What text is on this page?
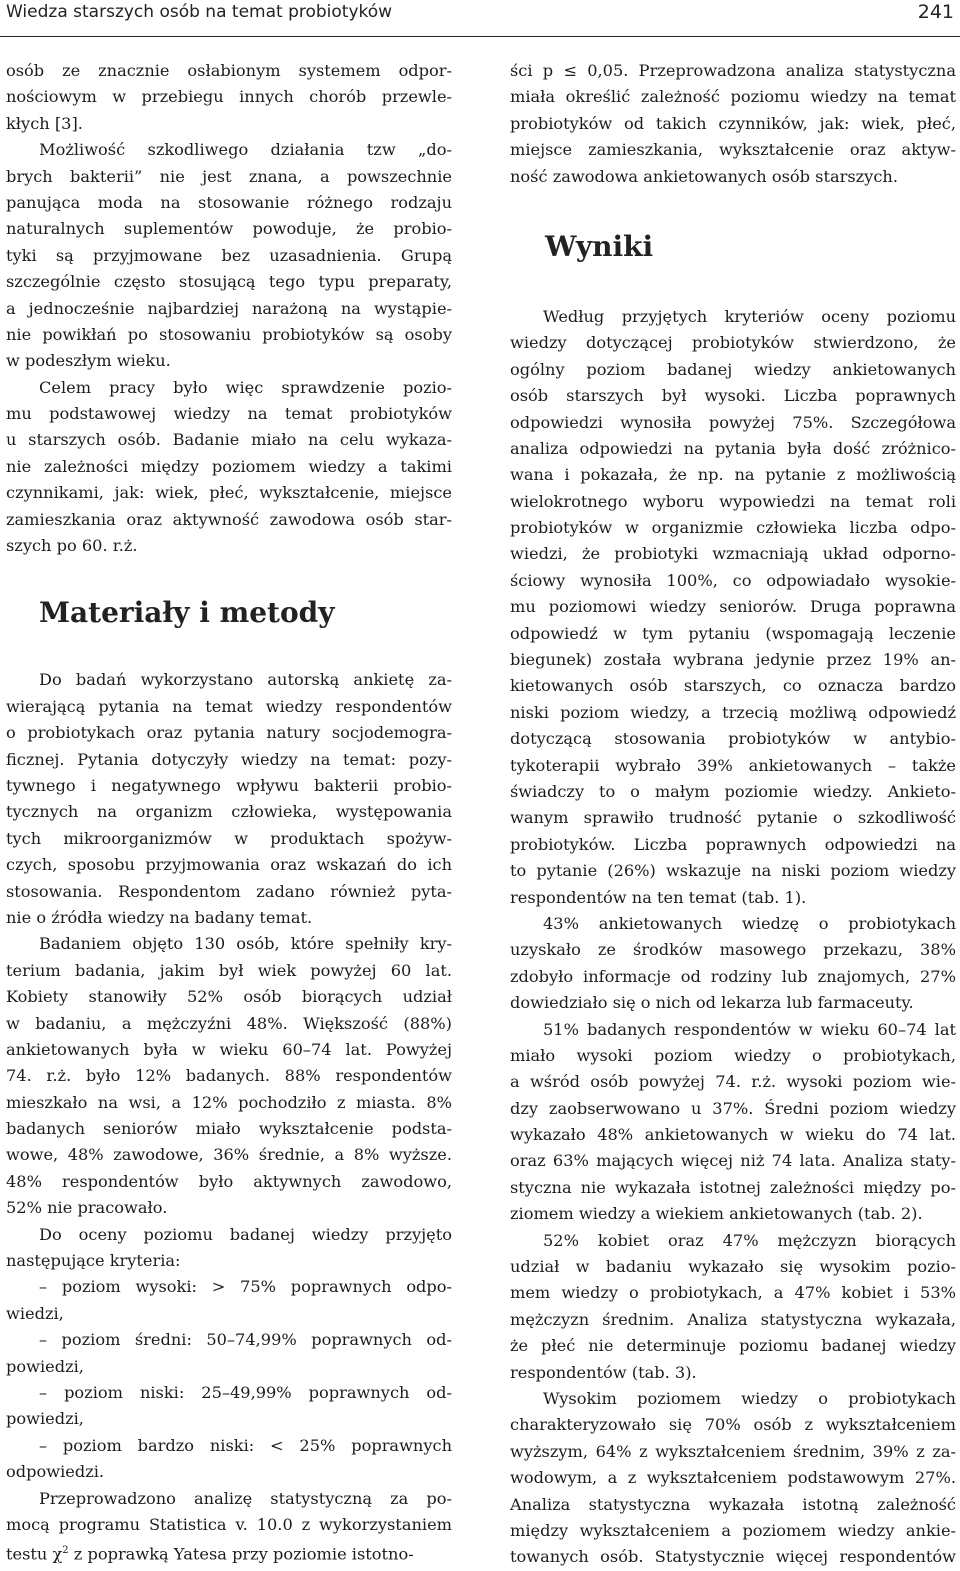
Wiedza starszych osób na temat probiotyków	241
osób ze znacznie osłabionym systemem odpor-
nościowym w przebiegu innych chorób przewle-
kłych [3].
Możliwość szkodliwego działania tzw „do-
brych bakterii” nie jest znana, a powszechnie
panująca moda na stosowanie różnego rodzaju
naturalnych suplementów powoduje, że probio-
tyki są przyjmowane bez uzasadnienia. Grupą
szczególnie często stosującą tego typu preparaty,
a jednocześnie najbardziej narażoną na wystąpie-
nie powikłań po stosowaniu probiotyków są osoby
w podeszłym wieku.
Celem pracy było więc sprawdzenie pozio-
mu podstawowej wiedzy na temat probiotyków
u starszych osób. Badanie miało na celu wykaza-
nie zależności między poziomem wiedzy a takimi
czynnikami, jak: wiek, płeć, wykształcenie, miejsce
zamieszkania oraz aktywność zawodowa osób star-
szych po 60. r.ż.
Materiały i metody
Do badań wykorzystano autorską ankietę za-
wierającą pytania na temat wiedzy respondentów
o probiotykach oraz pytania natury socjodemogra-
ficznej. Pytania dotyczyły wiedzy na temat: pozy-
tywnego i negatywnego wpływu bakterii probio-
tycznych na organizm człowieka, występowania
tych mikroorganizmów w produktach spożyw-
czych, sposobu przyjmowania oraz wskazań do ich
stosowania. Respondentom zadano również pyta-
nie o źródła wiedzy na badany temat.
Badaniem objęto 130 osób, które spełniły kry-
terium badania, jakim był wiek powyżej 60 lat.
Kobiety stanowiły 52% osób biorących udział
w badaniu, a mężczyźni 48%. Większość (88%)
ankietowanych była w wieku 60–74 lat. Powyżej
74. r.ż. było 12% badanych. 88% respondentów
mieszkało na wsi, a 12% pochodziło z miasta. 8%
badanych seniorów miało wykształcenie podsta-
wowe, 48% zawodowe, 36% średnie, a 8% wyższe.
48% respondentów było aktywnych zawodowo,
52% nie pracowało.
Do oceny poziomu badanej wiedzy przyjęto
następujące kryteria:
– poziom wysoki: > 75% poprawnych odpo-
wiedzi,
– poziom średni: 50–74,99% poprawnych od-
powiedzi,
– poziom niski: 25–49,99% poprawnych od-
powiedzi,
– poziom bardzo niski: < 25% poprawnych
odpowiedzi.
Przeprowadzono analizę statystyczną za po-
mocą programu Statistica v. 10.0 z wykorzystaniem
testu $\chi^2$ z poprawką Yatesa przy poziomie istotno-
ści p ≤ 0,05. Przeprowadzona analiza statystyczna
miała określić zależność poziomu wiedzy na temat
probiotyków od takich czynników, jak: wiek, płeć,
miejsce zamieszkania, wykształcenie oraz aktyw-
ność zawodowa ankietowanych osób starszych.
Wyniki
Według przyjętych kryteriów oceny poziomu
wiedzy dotyczącej probiotyków stwierdzono, że
ogólny poziom badanej wiedzy ankietowanych
osób starszych był wysoki. Liczba poprawnych
odpowiedzi wynosiła powyżej 75%. Szczegółowa
analiza odpowiedzi na pytania była dość zróżnico-
wana i pokazała, że np. na pytanie z możliwością
wielokrotnego wyboru wypowiedzi na temat roli
probiotyków w organizmie człowieka liczba odpo-
wiedzi, że probiotyki wzmacniają układ odporno-
ściowy wynosiła 100%, co odpowiadało wysokie-
mu poziomowi wiedzy seniorów. Druga poprawna
odpowiedź w tym pytaniu (wspomagają leczenie
biegunek) została wybrana jedynie przez 19% an-
kietowanych osób starszych, co oznacza bardzo
niski poziom wiedzy, a trzecią możliwą odpowiedź
dotyczącą stosowania probiotyków w antybio-
tykoterapii wybrało 39% ankietowanych – także
świadczy to o małym poziomie wiedzy. Ankieto-
wanym sprawiło trudność pytanie o szkodliwość
probiotyków. Liczba poprawnych odpowiedzi na
to pytanie (26%) wskazuje na niski poziom wiedzy
respondentów na ten temat (tab. 1).
43% ankietowanych wiedzę o probiotykach
uzyskało ze środków masowego przekazu, 38%
zdobyło informacje od rodziny lub znajomych, 27%
dowiedziało się o nich od lekarza lub farmaceuty.
51% badanych respondentów w wieku 60–74 lat
miało wysoki poziom wiedzy o probiotykach,
a wśród osób powyżej 74. r.ż. wysoki poziom wie-
dzy zaobserwowano u 37%. Średni poziom wiedzy
wykazało 48% ankietowanych w wieku do 74 lat.
oraz 63% mających więcej niż 74 lata. Analiza staty-
styczna nie wykazała istotnej zależności między po-
ziomem wiedzy a wiekiem ankietowanych (tab. 2).
52% kobiet oraz 47% mężczyzn biorących
udział w badaniu wykazało się wysokim pozio-
mem wiedzy o probiotykach, a 47% kobiet i 53%
mężczyzn średnim. Analiza statystyczna wykazała,
że płeć nie determinuje poziomu badanej wiedzy
respondentów (tab. 3).
Wysokim poziomem wiedzy o probiotykach
charakteryzowało się 70% osób z wykształceniem
wyższym, 64% z wykształceniem średnim, 39% z za-
wodowym, a z wykształceniem podstawowym 27%.
Analiza statystyczna wykazała istotną zależność
między wykształceniem a poziomem wiedzy ankie-
towanych osób. Statystycznie więcej respondentów
